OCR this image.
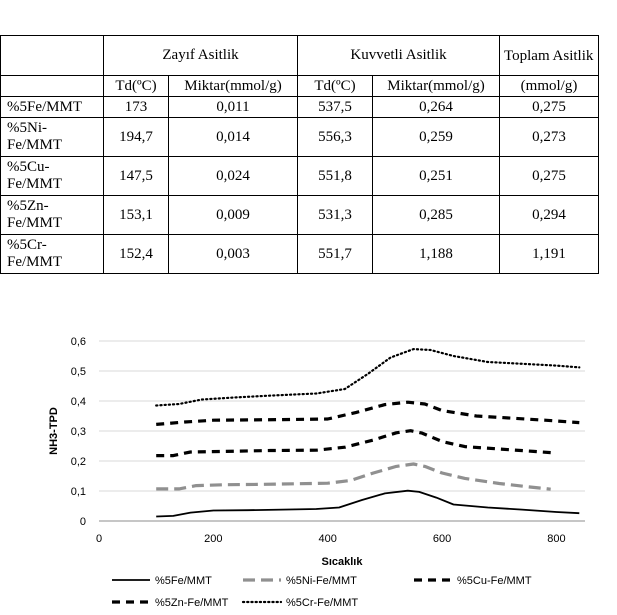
	Zayıf Asitlik		Kuvvetli Asitlik		Toplam Asitlik
	Td(ºC)	Miktar(mmol/g)	Td(ºC)	Miktar(mmol/g)	(mmol/g)
%5Fe/MMT	173	0,011	537,5	0,264	0,275
%5Ni-Fe/MMT	194,7	0,014	556,3	0,259	0,273
%5Cu-Fe/MMT	147,5	0,024	551,8	0,251	0,275
%5Zn-Fe/MMT	153,1	0,009	531,3	0,285	0,294
%5Cr-Fe/MMT	152,4	0,003	551,7	1,188	1,191
0
0,1
0,2
0,3
0,4
0,5
0,6
0	200	400	600	800
Sıcaklık
NH3-TPD
%5Fe/MMT	%5Ni-Fe/MMT	%5Cu-Fe/MMT
%5Zn-Fe/MMT	%5Cr-Fe/MMT
